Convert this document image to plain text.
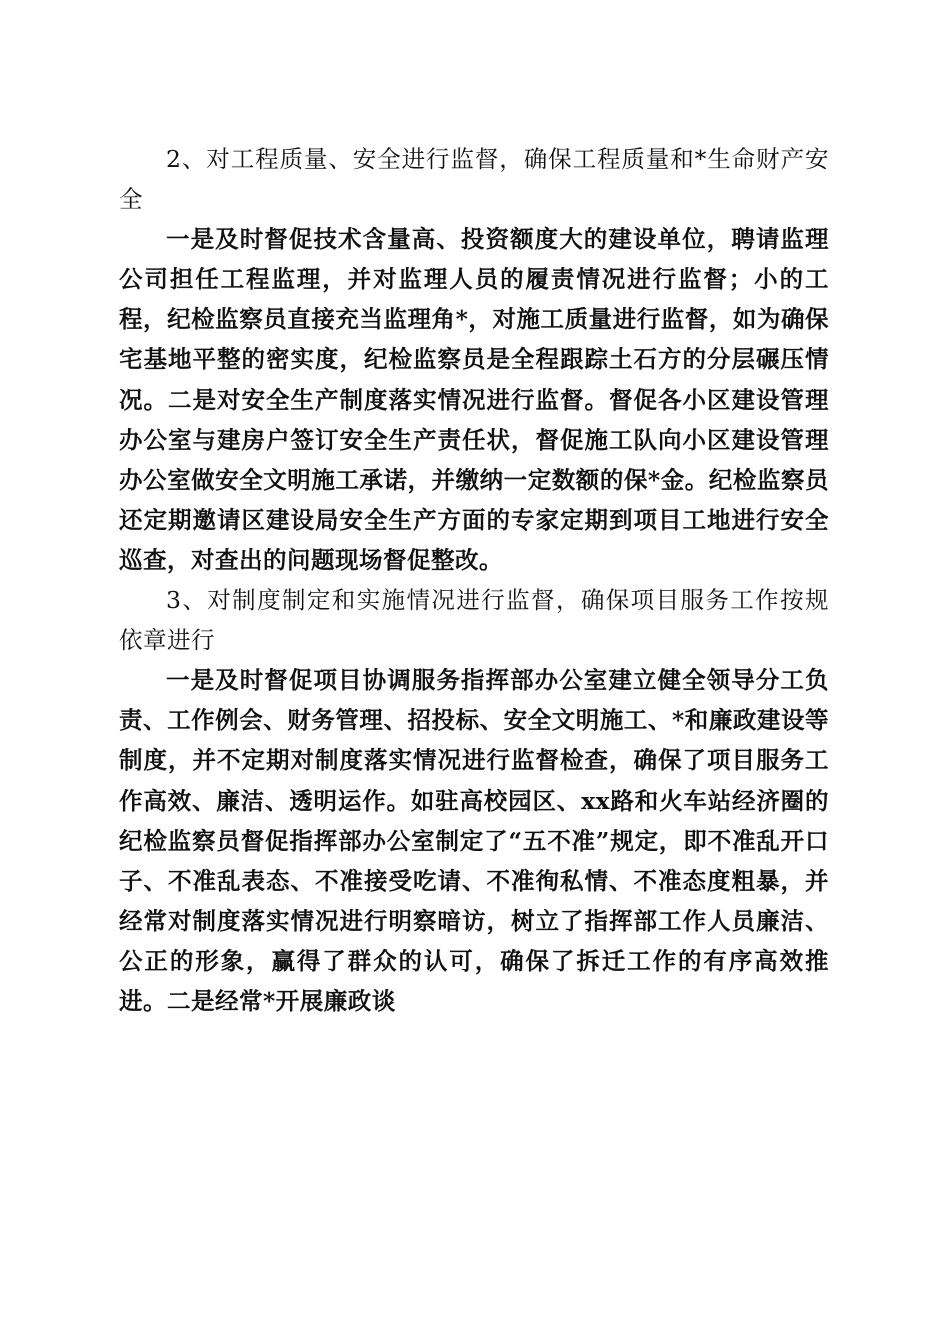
2、对工程质量、安全进行监督，确保工程质量和*生命财产安全

一是及时督促技术含量高、投资额度大的建设单位，聘请监理公司担任工程监理，并对监理人员的履责情况进行监督；小的工程，纪检监察员直接充当监理角*，对施工质量进行监督，如为确保宅基地平整的密实度，纪检监察员是全程跟踪土石方的分层碾压情况。二是对安全生产制度落实情况进行监督。督促各小区建设管理办公室与建房户签订安全生产责任状，督促施工队向小区建设管理办公室做安全文明施工承诺，并缴纳一定数额的保*金。纪检监察员还定期邀请区建设局安全生产方面的专家定期到项目工地进行安全巡查，对查出的问题现场督促整改。

3、对制度制定和实施情况进行监督，确保项目服务工作按规依章进行

一是及时督促项目协调服务指挥部办公室建立健全领导分工负责、工作例会、财务管理、招投标、安全文明施工、*和廉政建设等制度，并不定期对制度落实情况进行监督检查，确保了项目服务工作高效、廉洁、透明运作。如驻高校园区、xx路和火车站经济圈的纪检监察员督促指挥部办公室制定了“五不准”规定，即不准乱开口子、不准乱表态、不准接受吃请、不准徇私情、不准态度粗暴，并经常对制度落实情况进行明察暗访，树立了指挥部工作人员廉洁、公正的形象，赢得了群众的认可，确保了拆迁工作的有序高效推进。二是经常*开展廉政谈
